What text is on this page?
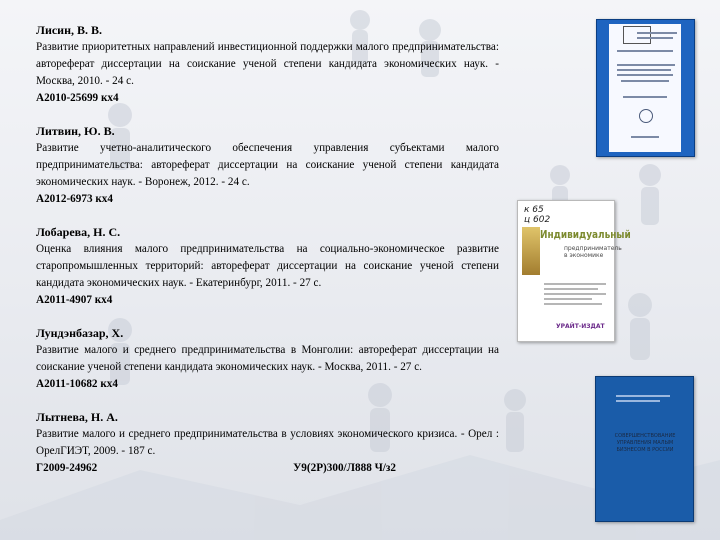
Лисин, В. В.
Развитие приоритетных направлений инвестиционной поддержки малого предпринимательства: автореферат диссертации на соискание ученой степени кандидата экономических наук. - Москва, 2010. - 24 с.
А2010-25699 кх4
Литвин, Ю. В.
Развитие учетно-аналитического обеспечения управления субъектами малого предпринимательства: автореферат диссертации на соискание ученой степени кандидата экономических наук. - Воронеж, 2012. - 24 с.
А2012-6973 кх4
Лобарева, Н. С.
Оценка влияния малого предпринимательства на социально-экономическое развитие старопромышленных территорий: автореферат диссертации на соискание ученой степени кандидата экономических наук. - Екатеринбург, 2011. - 27 с.
А2011-4907 кх4
Лундэнбазар, Х.
Развитие малого и среднего предпринимательства в Монголии: автореферат диссертации на соискание ученой степени кандидата экономических наук. - Москва, 2011. - 27 с.
А2011-10682 кх4
Лытнева, Н. А.
Развитие малого и среднего предпринимательства в условиях экономического кризиса. - Орел : ОрелГИЭТ, 2009. - 187 с.
Г2009-24962	У9(2Р)300/Л888 Ч/з2
к 65
ц 602
Индивидуальный
предприниматель
в экономике
УРАЙТ-ИЗДАТ
СОВЕРШЕНСТВОВАНИЕ УПРАВЛЕНИЯ МАЛЫМ БИЗНЕСОМ В РОССИИ
